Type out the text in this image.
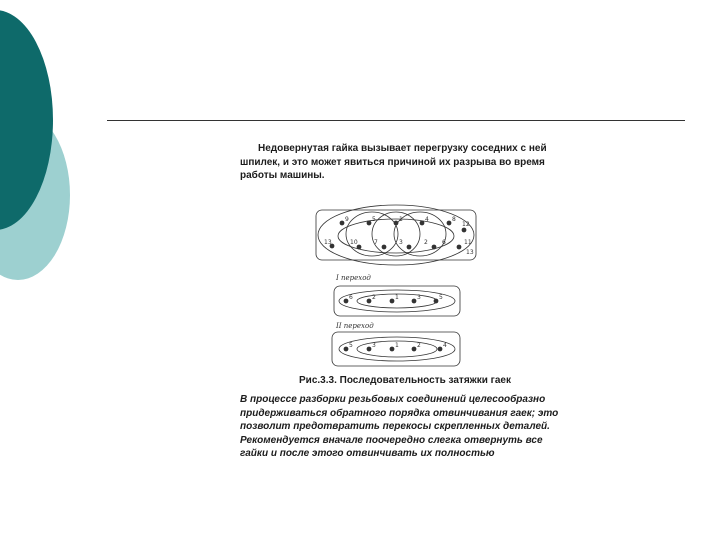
Недовернутая гайка вызывает перегрузку соседних с ней шпилек, и это может явиться причиной их разрыва во время работы машины.
9	5	1	4	8
12
13	10	7	3	2 6	11
13
I переход
II переход
6	2	1	3	5
5	3	1	2	4
Рис.3.3. Последовательность затяжки гаек
В процессе разборки резьбовых соединений целесообразно придерживаться обратного порядка отвинчивания гаек; это позволит предотвратить перекосы скрепленных деталей. Рекомендуется вначале поочередно слегка отвернуть все гайки и после этого отвинчивать их полностью
